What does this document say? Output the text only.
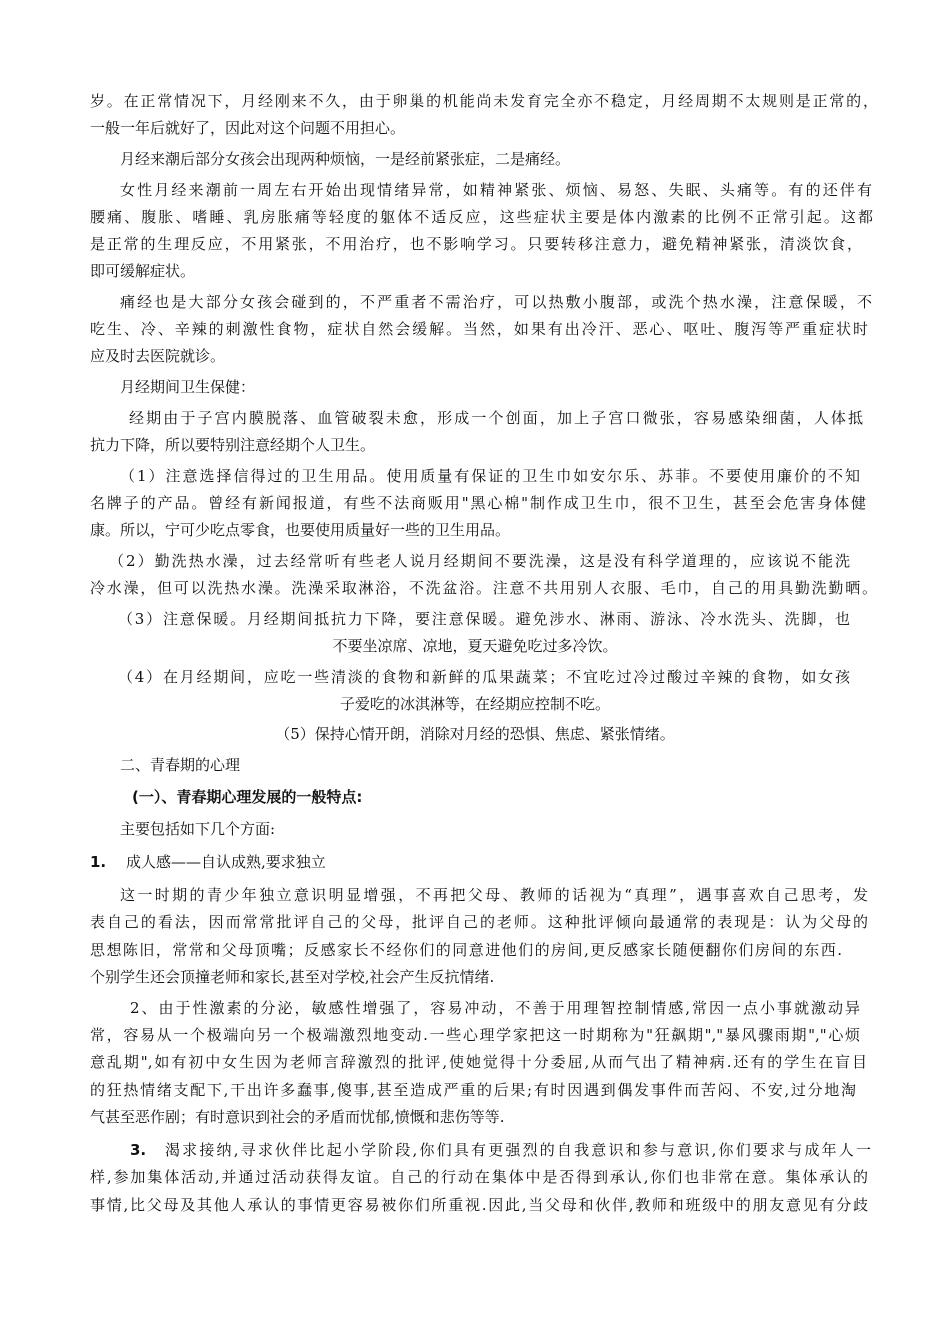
岁。在正常情况下，月经刚来不久，由于卵巢的机能尚未发育完全亦不稳定，月经周期不太规则是正常的，
一般一年后就好了，因此对这个问题不用担心。
月经来潮后部分女孩会出现两种烦恼，一是经前紧张症，二是痛经。
女性月经来潮前一周左右开始出现情绪异常，如精神紧张、烦恼、易怒、失眠、头痛等。有的还伴有
腰痛、腹胀、嗜睡、乳房胀痛等轻度的躯体不适反应，这些症状主要是体内激素的比例不正常引起。这都
是正常的生理反应，不用紧张，不用治疗，也不影响学习。只要转移注意力，避免精神紧张，清淡饮食，
即可缓解症状。
痛经也是大部分女孩会碰到的，不严重者不需治疗，可以热敷小腹部，或洗个热水澡，注意保暖，不
吃生、冷、辛辣的刺激性食物，症状自然会缓解。当然，如果有出冷汗、恶心、呕吐、腹泻等严重症状时
应及时去医院就诊。
月经期间卫生保健：
经期由于子宫内膜脱落、血管破裂未愈，形成一个创面，加上子宫口微张，容易感染细菌，人体抵
抗力下降，所以要特别注意经期个人卫生。
（1）注意选择信得过的卫生用品。使用质量有保证的卫生巾如安尔乐、苏菲。不要使用廉价的不知
名牌子的产品。曾经有新闻报道，有些不法商贩用"黑心棉"制作成卫生巾，很不卫生，甚至会危害身体健
康。所以，宁可少吃点零食，也要使用质量好一些的卫生用品。
（2）勤洗热水澡，过去经常听有些老人说月经期间不要洗澡，这是没有科学道理的，应该说不能洗
冷水澡，但可以洗热水澡。洗澡采取淋浴，不洗盆浴。注意不共用别人衣服、毛巾，自己的用具勤洗勤晒。
（3）注意保暖。月经期间抵抗力下降，要注意保暖。避免涉水、淋雨、游泳、冷水洗头、洗脚，也
不要坐凉席、凉地，夏天避免吃过多冷饮。
（4）在月经期间，应吃一些清淡的食物和新鲜的瓜果蔬菜；不宜吃过冷过酸过辛辣的食物，如女孩
子爱吃的冰淇淋等，在经期应控制不吃。
（5）保持心情开朗，消除对月经的恐惧、焦虑、紧张情绪。
二、青春期的心理
(一）、青春期心理发展的一般特点:
主要包括如下几个方面:
1. 成人感——自认成熟,要求独立
这一时期的青少年独立意识明显增强，不再把父母、教师的话视为“真理”，遇事喜欢自己思考，发
表自己的看法，因而常常批评自己的父母，批评自己的老师。这种批评倾向最通常的表现是：认为父母的
思想陈旧，常常和父母顶嘴；反感家长不经你们的同意进他们的房间,更反感家长随便翻你们房间的东西.
个别学生还会顶撞老师和家长,甚至对学校,社会产生反抗情绪.
2、由于性激素的分泌，敏感性增强了，容易冲动，不善于用理智控制情感,常因一点小事就激动异
常，容易从一个极端向另一个极端激烈地变动.一些心理学家把这一时期称为"狂飙期","暴风骤雨期","心烦
意乱期",如有初中女生因为老师言辞激烈的批评,使她觉得十分委屈,从而气出了精神病.还有的学生在盲目
的狂热情绪支配下,干出许多蠢事,傻事,甚至造成严重的后果;有时因遇到偶发事件而苦闷、不安,过分地淘
气甚至恶作剧；有时意识到社会的矛盾而忧郁,愤慨和悲伤等等.
3. 渴求接纳,寻求伙伴比起小学阶段,你们具有更强烈的自我意识和参与意识,你们要求与成年人一
样,参加集体活动,并通过活动获得友谊。自己的行动在集体中是否得到承认,你们也非常在意。集体承认的
事情,比父母及其他人承认的事情更容易被你们所重视.因此,当父母和伙伴,教师和班级中的朋友意见有分歧
